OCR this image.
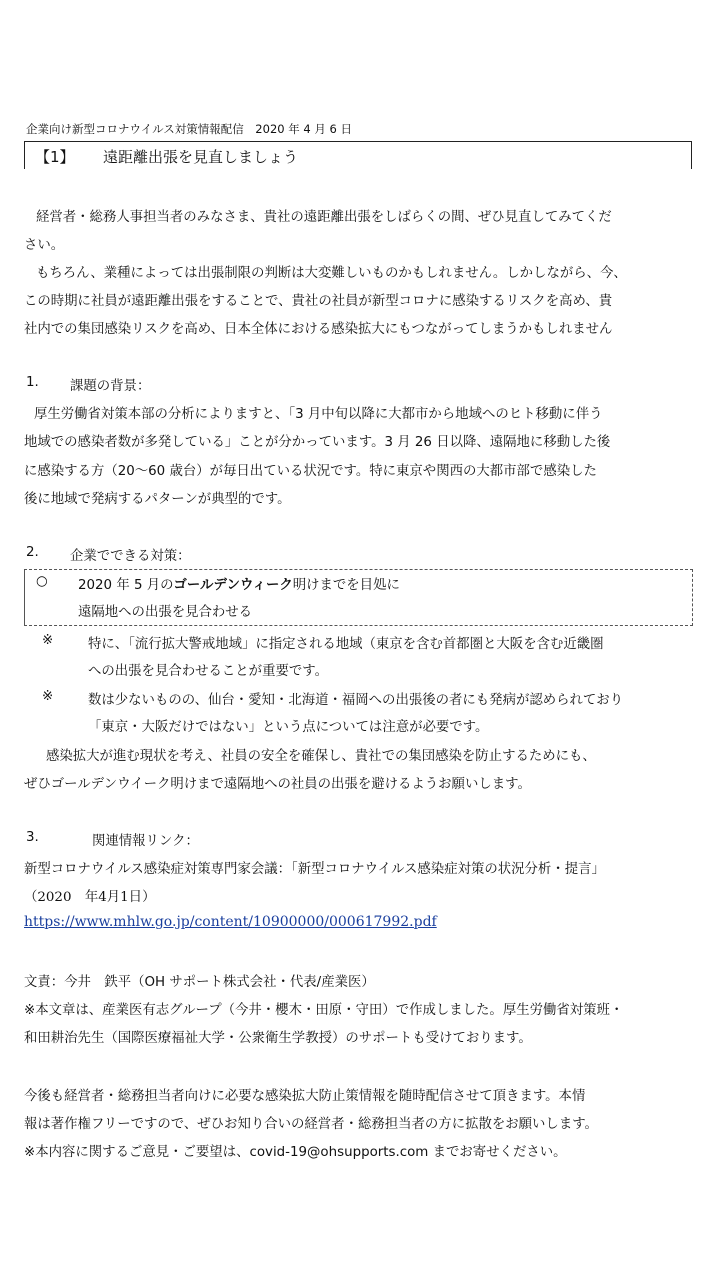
企業向け新型コロナウイルス対策情報配信　2020 年 4 月 6 日
【1】 遠距離出張を見直しましょう
経営者・総務人事担当者のみなさま、貴社の遠距離出張をしばらくの間、ぜひ見直してみてくだ
さい。
もちろん、業種によっては出張制限の判断は大変難しいものかもしれません。しかしながら、今、
この時期に社員が遠距離出張をすることで、貴社の社員が新型コロナに感染するリスクを高め、貴
社内での集団感染リスクを高め、日本全体における感染拡大にもつながってしまうかもしれません
1. 課題の背景：
厚生労働省対策本部の分析によりますと、「3 月中旬以降に大都市から地域へのヒト移動に伴う
地域での感染者数が多発している」ことが分かっています。3 月 26 日以降、遠隔地に移動した後
に感染する方（20～60 歳台）が毎日出ている状況です。特に東京や関西の大都市部で感染した
後に地域で発病するパターンが典型的です。
2. 企業でできる対策：
○ 2020 年 5 月のゴールデンウィーク明けまでを目処に
遠隔地への出張を見合わせる
※	特に、「流行拡大警戒地域」に指定される地域（東京を含む首都圏と大阪を含む近畿圏
への出張を見合わせることが重要です。
※	数は少ないものの、仙台・愛知・北海道・福岡への出張後の者にも発病が認められており
「東京・大阪だけではない」という点については注意が必要です。
感染拡大が進む現状を考え、社員の安全を確保し、貴社での集団感染を防止するためにも、
ぜひゴールデンウイーク明けまで遠隔地への社員の出張を避けるようお願いします。
3.	関連情報リンク：
新型コロナウイルス感染症対策専門家会議：「新型コロナウイルス感染症対策の状況分析・提言」
（2020　年4月1日）
https://www.mhlw.go.jp/content/10900000/000617992.pdf
文責：今井　鉄平（OH サポート株式会社・代表/産業医）
※本文章は、産業医有志グループ（今井・櫻木・田原・守田）で作成しました。厚生労働省対策班・
和田耕治先生（国際医療福祉大学・公衆衛生学教授）のサポートも受けております。
今後も経営者・総務担当者向けに必要な感染拡大防止策情報を随時配信させて頂きます。本情
報は著作権フリーですので、ぜひお知り合いの経営者・総務担当者の方に拡散をお願いします。
※本内容に関するご意見・ご要望は、covid-19@ohsupports.com までお寄せください。
